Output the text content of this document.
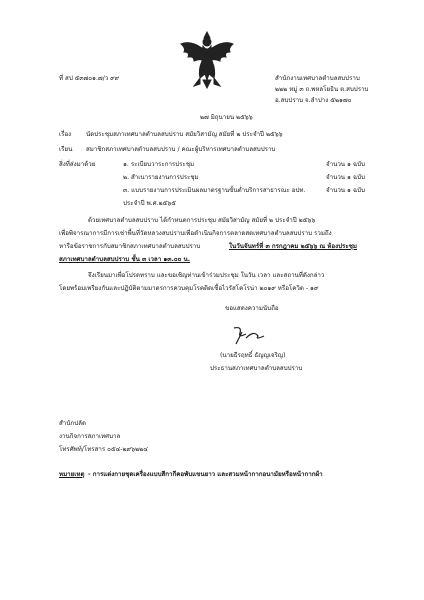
ที่ สป ๕๓๗๐๑.๗/ว ๙๙	สำนักงานเทศบาลตำบลสบปราบ
๒๒๒ หมู่ ๓ ถ.พหลโยธิน ต.สบปราบ
อ.สบปราบ จ.ลำปาง ๕๒๑๗๐
๒๗ มิถุนายน ๒๕๖๖
เรื่อง นัดประชุมสภาเทศบาลตำบลสบปราบ สมัยวิสามัญ สมัยที่ ๒ ประจำปี ๒๕๖๖
เรียน สมาชิกสภาเทศบาลตำบลสบปราบ / คณะผู้บริหารเทศบาลตำบลสบปราบ
สิ่งที่ส่งมาด้วย	๑. ระเบียบวาระการประชุม	จำนวน ๑ ฉบับ
๒. สำเนารายงานการประชุม	จำนวน ๑ ฉบับ
๓. แบบรายงานการประเมินผลมาตรฐานขั้นต่ำบริการสาธารณะ อปท.	จำนวน ๑ ฉบับ
ประจำปี พ.ศ.๒๕๖๕
ด้วยเทศบาลตำบลสบปราบ ได้กำหนดการประชุม สมัยวิสามัญ สมัยที่ ๒ ประจำปี ๒๕๖๖
เพื่อพิจารณาการมีการเช่าพื้นที่วัดหลวงสบปราบเพื่อดำเนินกิจการตลาดสดเทศบาลตำบลสบปราบ รวมถึง
หารือข้อราชการกับสมาชิกสภาเทศบาลตำบลสบปราบ	ในวันจันทร์ที่ ๓ กรกฎาคม ๒๕๖๖ ณ ห้องประชุม
สภาเทศบาลตำบลสบปราบ ชั้น ๓ เวลา ๑๓.๐๐ น.
จึงเรียนมาเพื่อโปรดทราบ และขอเชิญท่านเข้าร่วมประชุม ในวัน เวลา และสถานที่ดังกล่าว
โดยพร้อมเพรียงกันและปฏิบัติตามมาตรการควบคุมโรคติดเชื้อไวรัสโคโรน่า ๒๐๑๙ หรือโควิด - ๑๙
ขอแสดงความนับถือ
(นายธีรฤทธิ์ ธัญญเจริญ)
ประธานสภาเทศบาลตำบลสบปราบ
สำนักปลัด
งานกิจการสภาเทศบาล
โทรศัพท์/โทรสาร ๐๕๔-๒๙๖๒๒๔
หมายเหตุ - การแต่งกายชุดเครื่องแบบสีกากีคอพับแขนยาว และสวมหน้ากากอนามัยหรือหน้ากากผ้า
